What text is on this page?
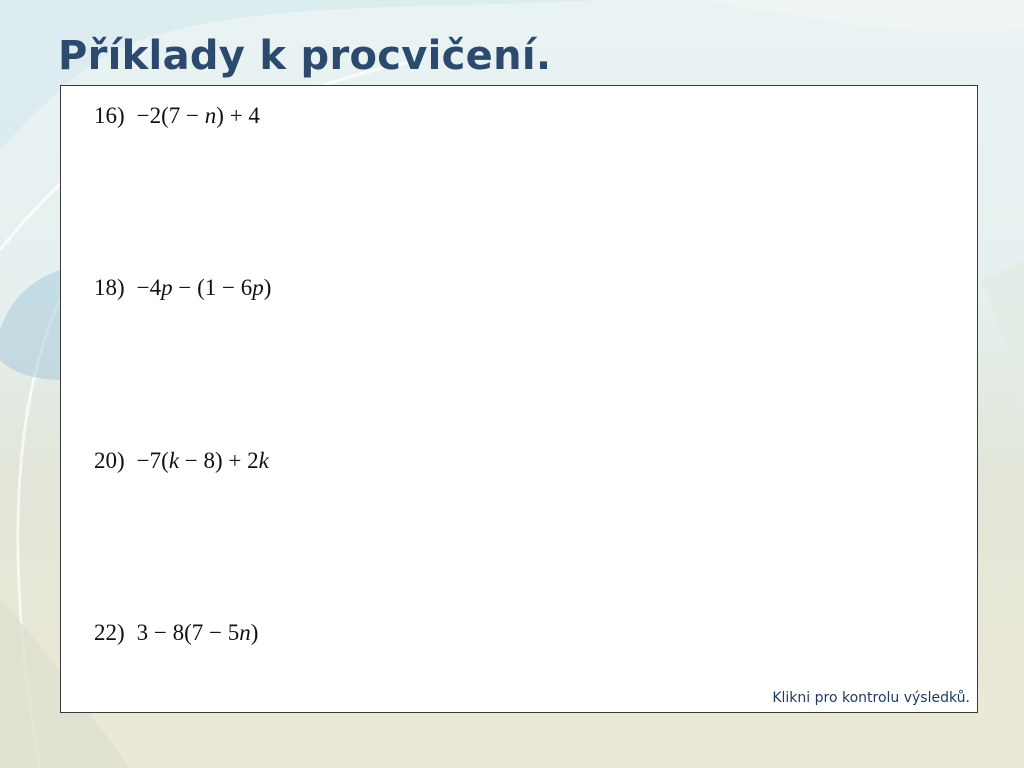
Příklady k procvičení.
16) −2(7 − n) + 4
18) −4p − (1 − 6p)
20) −7(k − 8) + 2k
22) 3 − 8(7 − 5n)
Klikni pro kontrolu výsledků.
